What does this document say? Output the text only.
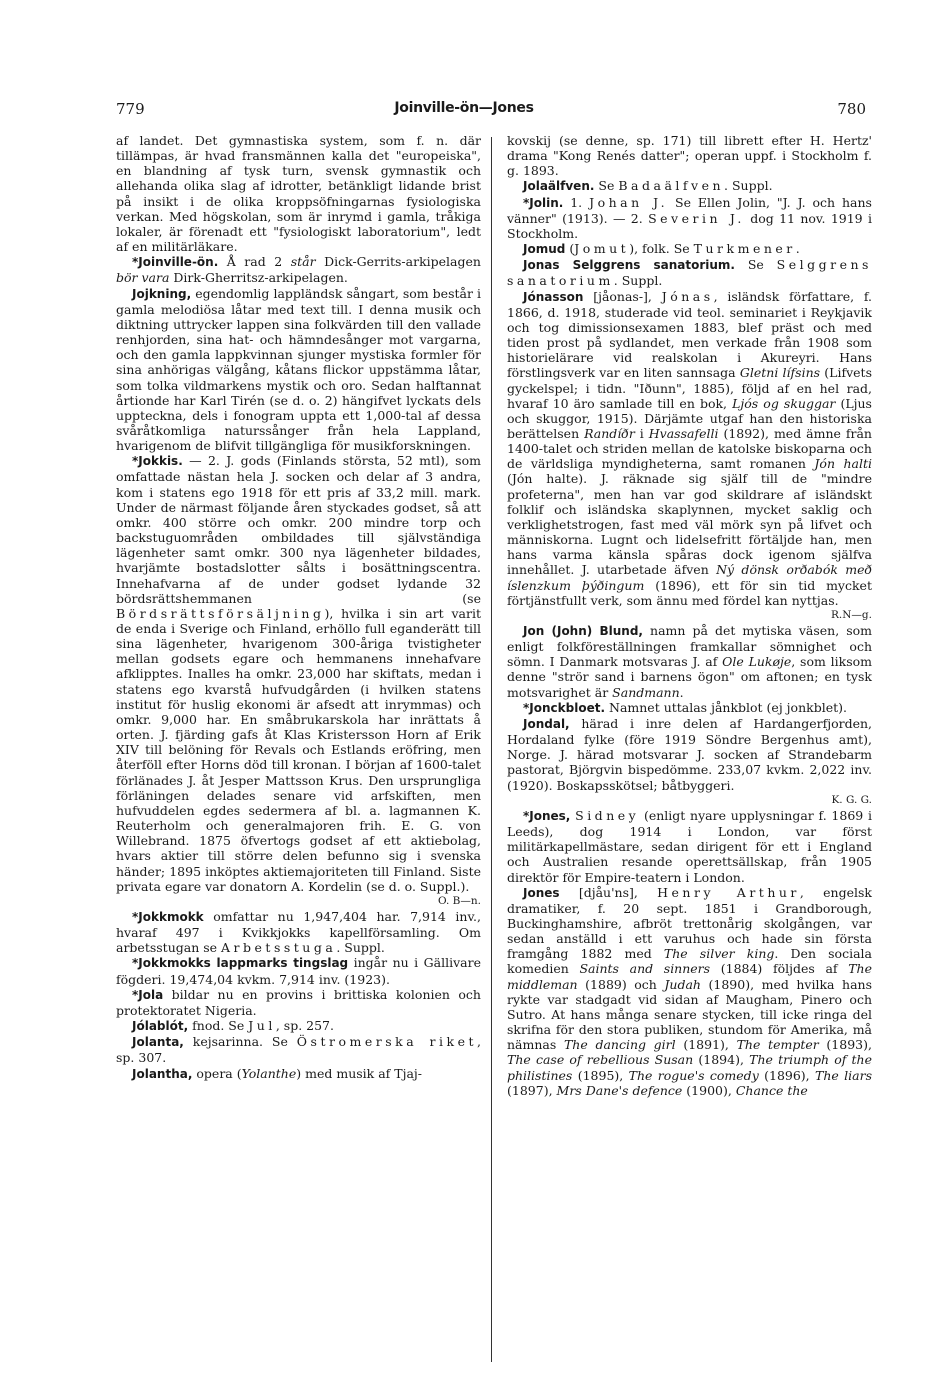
779	Joinville-ön—Jones	780

af landet. Det gymnastiska system, som f. n. där tillämpas, är hvad fransmännen kalla det "europeiska", en blandning af tysk turn, svensk gymnastik och allehanda olika slag af idrotter, betänkligt lidande brist på insikt i de olika kroppsöfningarnas fysiologiska verkan. Med högskolan, som är inrymd i gamla, tråkiga lokaler, är förenadt ett "fysiologiskt laboratorium", ledt af en militärläkare.

*Joinville-ön. Å rad 2 står Dick-Gerrits-arkipelagen bör vara Dirk-Gherritsz-arkipelagen.

Jojkning, egendomlig lappländsk sångart, som består i gamla melodiösa låtar med text till. I denna musik och diktning uttrycker lappen sina folkvärden till den vallade renhjorden, sina hat- och hämndesånger mot vargarna, och den gamla lappkvinnan sjunger mystiska formler för sina anhörigas välgång, kåtans flickor uppstämma låtar, som tolka vildmarkens mystik och oro. Sedan halftannat årtionde har Karl Tirén (se d. o. 2) hängifvet lyckats dels uppteckna, dels i fonogram uppta ett 1,000-tal af dessa svåråtkomliga naturssånger från hela Lappland, hvarigenom de blifvit tillgängliga för musikforskningen.

*Jokkis. — 2. J. gods (Finlands största, 52 mtl), som omfattade nästan hela J. socken och delar af 3 andra, kom i statens ego 1918 för ett pris af 33,2 mill. mark. Under de närmast följande åren styckades godset, så att omkr. 400 större och omkr. 200 mindre torp och backstuguområden ombildades till självständiga lägenheter samt omkr. 300 nya lägenheter bildades, hvarjämte bostadslotter sålts i bosättningscentra. Innehafvarna af de under godset lydande 32 bördsrättshemmanen (se Bördsrättsförsäljning), hvilka i sin art varit de enda i Sverige och Finland, erhöllo full eganderätt till sina lägenheter, hvarigenom 300-åriga tvistigheter mellan godsets egare och hemmanens innehafvare afklipptes. Inalles ha omkr. 23,000 har skiftats, medan i statens ego kvarstå hufvudgården (i hvilken statens institut för huslig ekonomi är afsedt att inrymmas) och omkr. 9,000 har. En småbrukarskola har inrättats å orten. J. fjärding gafs åt Klas Kristersson Horn af Erik XIV till belöning för Revals och Estlands eröfring, men återföll efter Horns död till kronan. I början af 1600-talet förlänades J. åt Jesper Mattsson Krus. Den ursprungliga förläningen delades senare vid arfskiften, men hufvuddelen egdes sedermera af bl. a. lagmannen K. Reuterholm och generalmajoren frih. E. G. von Willebrand. 1875 öfvertogs godset af ett aktiebolag, hvars aktier till större delen befunno sig i svenska händer; 1895 inköptes aktiemajoriteten till Finland. Siste privata egare var donatorn A. Kordelin (se d. o. Suppl.).
O. B—n.

*Jokkmokk omfattar nu 1,947,404 har. 7,914 inv., hvaraf 497 i Kvikkjokks kapellförsamling. Om arbetsstugan se Arbetsstuga. Suppl.

*Jokkmokks lappmarks tingslag ingår nu i Gällivare fögderi. 19,474,04 kvkm. 7,914 inv. (1923).

*Jola bildar nu en provins i brittiska kolonien och protektoratet Nigeria.

Jólablót, fnod. Se Jul, sp. 257.

Jolanta, kejsarinna. Se Östromerska riket, sp. 307.

Jolantha, opera (Yolanthe) med musik af Tjaj-

kovskij (se denne, sp. 171) till librett efter H. Hertz' drama "Kong Renés datter"; operan uppf. i Stockholm f. g. 1893.

Jolaälfven. Se Badaälfven. Suppl.

*Jolin. 1. Johan J. Se Ellen Jolin, "J. J. och hans vänner" (1913). — 2. Severin J. dog 11 nov. 1919 i Stockholm.

Jomud (Jomut), folk. Se Turkmener.

Jonas Selggrens sanatorium. Se Selggrens sanatorium. Suppl.

Jónasson [jåonas-], Jónas, isländsk författare, f. 1866, d. 1918, studerade vid teol. seminariet i Reykjavik och tog dimissionsexamen 1883, blef präst och med tiden prost på sydlandet, men verkade från 1908 som historielärare vid realskolan i Akureyri. Hans förstlingsverk var en liten sannsaga Gletni lífsins (Lifvets gyckelspel; i tidn. "Iðunn", 1885), följd af en hel rad, hvaraf 10 äro samlade till en bok, Ljós og skuggar (Ljus och skuggor, 1915). Därjämte utgaf han den historiska berättelsen Randíðr i Hvassafelli (1892), med ämne från 1400-talet och striden mellan de katolske biskoparna och de världsliga myndigheterna, samt romanen Jón halti (Jón halte). J. räknade sig själf till de "mindre profeterna", men han var god skildrare af isländskt folklif och isländska skaplynnen, mycket saklig och verklighetstrogen, fast med väl mörk syn på lifvet och människorna. Lugnt och lidelsefritt förtäljde han, men hans varma känsla spåras dock igenom själfva innehållet. J. utarbetade äfven Ný dönsk orðabók með íslenzkum þýðingum (1896), ett för sin tid mycket förtjänstfullt verk, som ännu med fördel kan nyttjas.
R.N—g.

Jon (John) Blund, namn på det mytiska väsen, som enligt folkföreställningen framkallar sömnighet och sömn. I Danmark motsvaras J. af Ole Lukøje, som liksom denne "strör sand i barnens ögon" om aftonen; en tysk motsvarighet är Sandmann.

*Jonckbloet. Namnet uttalas jånkblot (ej jonkblet).

Jondal, härad i inre delen af Hardangerfjorden, Hordaland fylke (före 1919 Söndre Bergenhus amt), Norge. J. härad motsvarar J. socken af Strandebarm pastorat, Björgvin bispedömme. 233,07 kvkm. 2,022 inv. (1920). Boskapsskötsel; båtbyggeri.
K. G. G.

*Jones, Sidney (enligt nyare upplysningar f. 1869 i Leeds), dog 1914 i London, var först militärkapellmästare, sedan dirigent för ett i England och Australien resande operettsällskap, från 1905 direktör för Empire-teatern i London.

Jones [djåu'ns], Henry Arthur, engelsk dramatiker, f. 20 sept. 1851 i Grandborough, Buckinghamshire, afbröt trettonårig skolgången, var sedan anställd i ett varuhus och hade sin första framgång 1882 med The silver king. Den sociala komedien Saints and sinners (1884) följdes af The middleman (1889) och Judah (1890), med hvilka hans rykte var stadgadt vid sidan af Maugham, Pinero och Sutro. At hans många senare stycken, till icke ringa del skrifna för den stora publiken, stundom för Amerika, må nämnas The dancing girl (1891), The tempter (1893), The case of rebellious Susan (1894), The triumph of the philistines (1895), The rogue's comedy (1896), The liars (1897), Mrs Dane's defence (1900), Chance the
